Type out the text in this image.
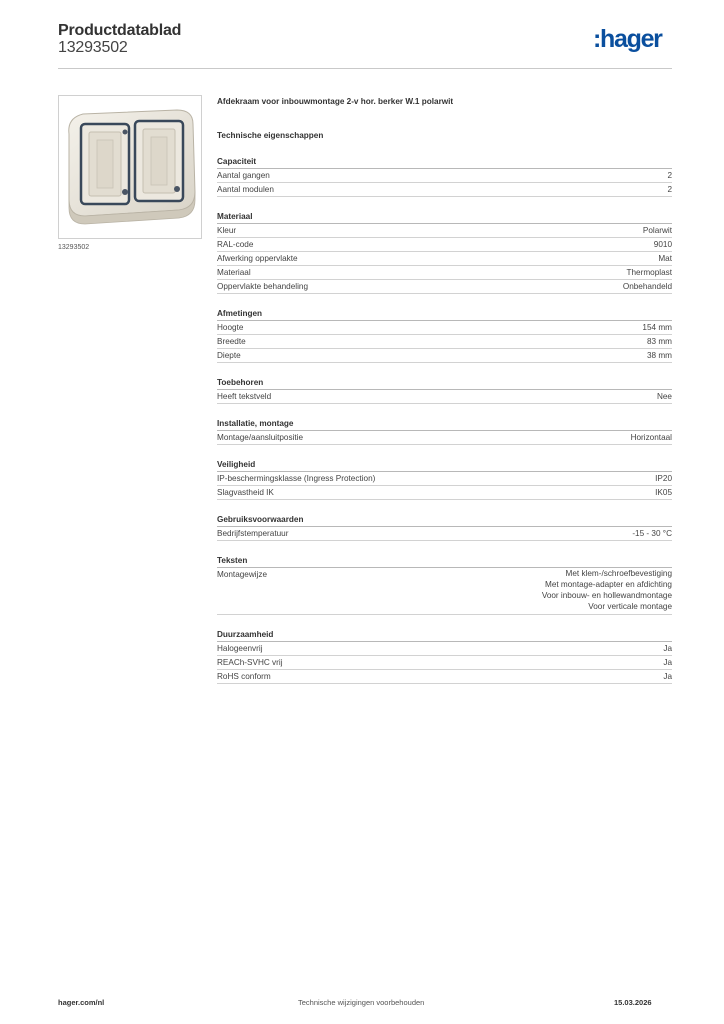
Productdatablad
13293502	:hager
13293502
Afdekraam voor inbouwmontage 2-v hor. berker W.1 polarwit
Technische eigenschappen
Capaciteit
Aantal gangen	2
Aantal modulen	2
Materiaal
Kleur	Polarwit
RAL-code	9010
Afwerking oppervlakte	Mat
Materiaal	Thermoplast
Oppervlakte behandeling	Onbehandeld
Afmetingen
Hoogte	154 mm
Breedte	83 mm
Diepte	38 mm
Toebehoren
Heeft tekstveld	Nee
Installatie, montage
Montage/aansluitpositie	Horizontaal
Veiligheid
IP-beschermingsklasse (Ingress Protection)	IP20
Slagvastheid IK	IK05
Gebruiksvoorwaarden
Bedrijfstemperatuur	-15 - 30 °C
Teksten
Montagewijze	Met klem-/schroefbevestiging
Met montage-adapter en afdichting
Voor inbouw- en hollewandmontage
Voor verticale montage
Duurzaamheid
Halogeenvrij	Ja
REACh-SVHC vrij	Ja
RoHS conform	Ja
hager.com/nl	Technische wijzigingen voorbehouden	15.03.2026
